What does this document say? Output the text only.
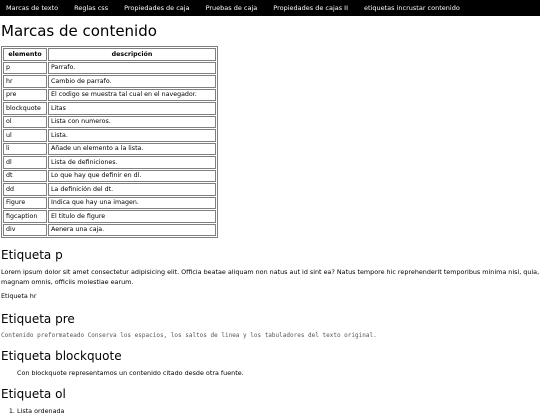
Marcas de texto Reglas css Propiedades de caja Pruebas de caja Propiedades de cajas II etiquetas incrustar contenido
Marcas de contenido
elemento	descripción
p	Parrafo.
hr	Cambio de parrafo.
pre	El codigo se muestra tal cual en el navegador.
blockquote	Litas
ol	Lista con numeros.
ul	Lista.
li	Añade un elemento a la lista.
dl	Lista de definiciones.
dt	Lo que hay que definir en dl.
dd	La definición del dt.
Figure	Indica que hay una imagen.
figcaption	El titulo de figure
div	Aenera una caja.
Etiqueta p

Lorem ipsum dolor sit amet consectetur adipisicing elit. Officia beatae aliquam non natus aut id sint ea? Natus tempore hic reprehenderit temporibus minima nisi, quia, magnam omnis, officiis molestiae earum.

Etiqueta hr

Etiqueta pre
Contenido preformateado Conserva los espacios, los saltos de linea y los tabuladores del texto original.
Etiqueta blockquote
Con blockquote representamos un contenido citado desde otra fuente.
Etiqueta ol
1. Lista ordenada
